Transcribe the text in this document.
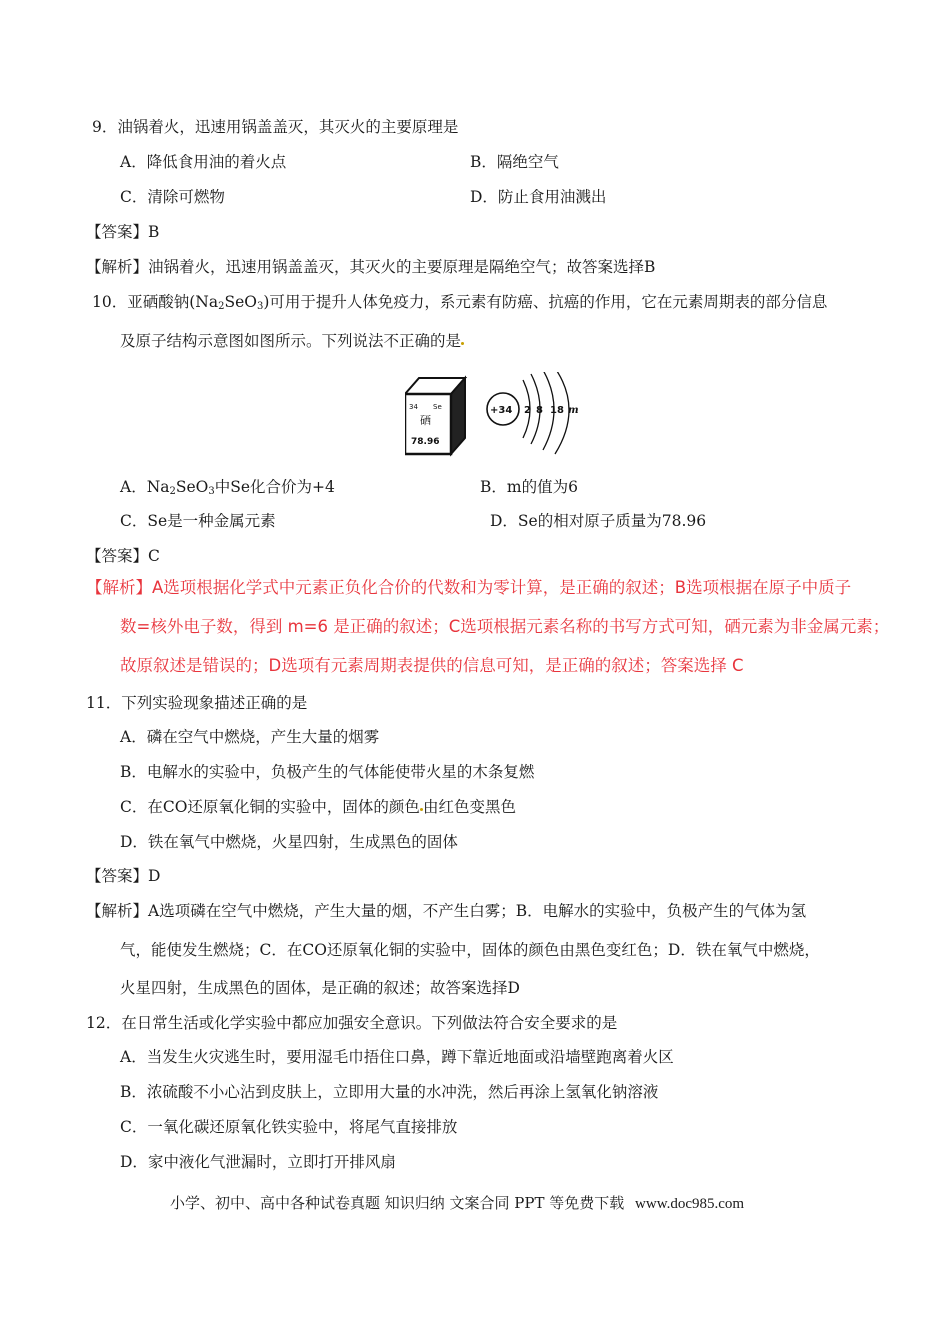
9．油锅着火，迅速用锅盖盖灭，其灭火的主要原理是
A．降低食用油的着火点	B．隔绝空气
C．清除可燃物	D．防止食用油溅出
【答案】B
【解析】油锅着火，迅速用锅盖盖灭，其灭火的主要原理是隔绝空气；故答案选择B
10．亚硒酸钠$(Na_2SeO_3)$可用于提升人体免疫力，系元素有防癌、抗癌的作用，它在元素周期表的部分信息
及原子结构示意图如图所示。下列说法不正确的是
34 Se
硒
78.96
+34 2 8 18 m
A．$Na_2SeO_3$中Se化合价为+4	B．m的值为6
C．Se是一种金属元素	D．Se的相对原子质量为78.96
【答案】C
【解析】A选项根据化学式中元素正负化合价的代数和为零计算，是正确的叙述；B选项根据在原子中质子
数=核外电子数，得到 m=6 是正确的叙述；C选项根据元素名称的书写方式可知，硒元素为非金属元素；
故原叙述是错误的；D选项有元素周期表提供的信息可知，是正确的叙述；答案选择 C
11．下列实验现象描述正确的是
A．磷在空气中燃烧，产生大量的烟雾
B．电解水的实验中，负极产生的气体能使带火星的木条复燃
C．在CO还原氧化铜的实验中，固体的颜色 由红色变黑色
D．铁在氧气中燃烧，火星四射，生成黑色的固体
【答案】D
【解析】A选项磷在空气中燃烧，产生大量的烟，不产生白雾；B．电解水的实验中，负极产生的气体为氢
气，能使发生燃烧；C．在CO还原氧化铜的实验中，固体的颜色由黑色变红色；D．铁在氧气中燃烧，
火星四射，生成黑色的固体，是正确的叙述；故答案选择D
12．在日常生活或化学实验中都应加强安全意识。下列做法符合安全要求的是
A．当发生火灾逃生时，要用湿毛巾捂住口鼻，蹲下靠近地面或沿墙壁跑离着火区
B．浓硫酸不小心沾到皮肤上，立即用大量的水冲洗，然后再涂上氢氧化钠溶液
C．一氧化碳还原氧化铁实验中，将尾气直接排放
D．家中液化气泄漏时，立即打开排风扇
小学、初中、高中各种试卷真题 知识归纳 文案合同 PPT 等免费下载 www.doc985.com
